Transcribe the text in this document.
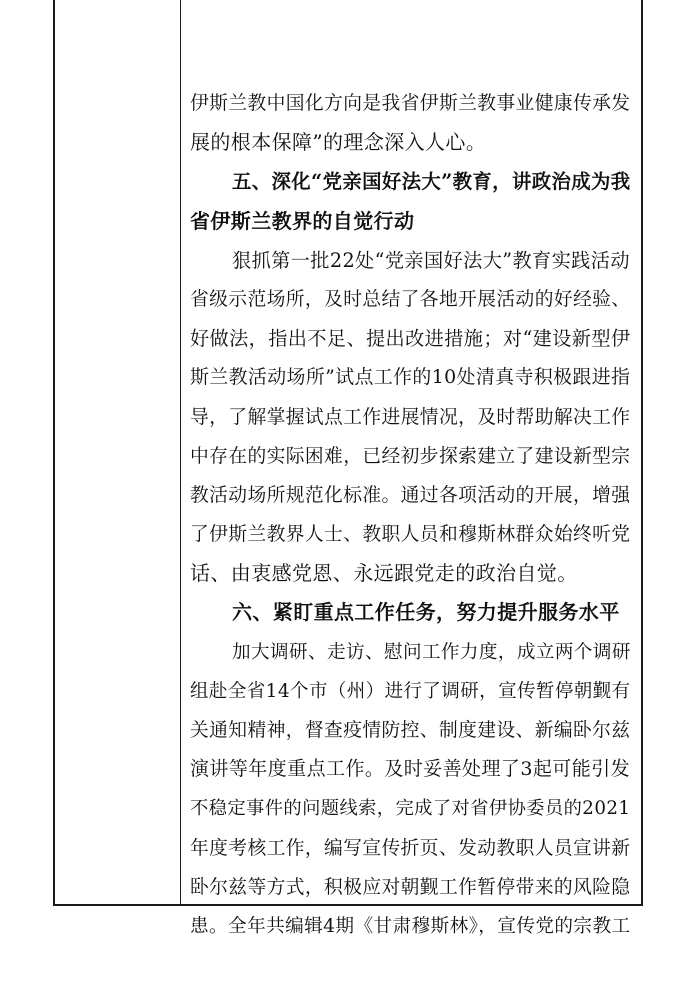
伊斯兰教中国化方向是我省伊斯兰教事业健康传承发
展的根本保障”的理念深入人心。
五、深化“党亲国好法大”教育，讲政治成为我
省伊斯兰教界的自觉行动
狠抓第一批22处“党亲国好法大”教育实践活动
省级示范场所，及时总结了各地开展活动的好经验、
好做法，指出不足、提出改进措施；对“建设新型伊
斯兰教活动场所”试点工作的10处清真寺积极跟进指
导，了解掌握试点工作进展情况，及时帮助解决工作
中存在的实际困难，已经初步探索建立了建设新型宗
教活动场所规范化标准。通过各项活动的开展，增强
了伊斯兰教界人士、教职人员和穆斯林群众始终听党
话、由衷感党恩、永远跟党走的政治自觉。
六、紧盯重点工作任务，努力提升服务水平
加大调研、走访、慰问工作力度，成立两个调研
组赴全省14个市（州）进行了调研，宣传暂停朝觐有
关通知精神，督查疫情防控、制度建设、新编卧尔兹
演讲等年度重点工作。及时妥善处理了3起可能引发
不稳定事件的问题线索，完成了对省伊协委员的2021
年度考核工作，编写宣传折页、发动教职人员宣讲新
卧尔兹等方式，积极应对朝觐工作暂停带来的风险隐
患。全年共编辑4期《甘肃穆斯林》，宣传党的宗教工
